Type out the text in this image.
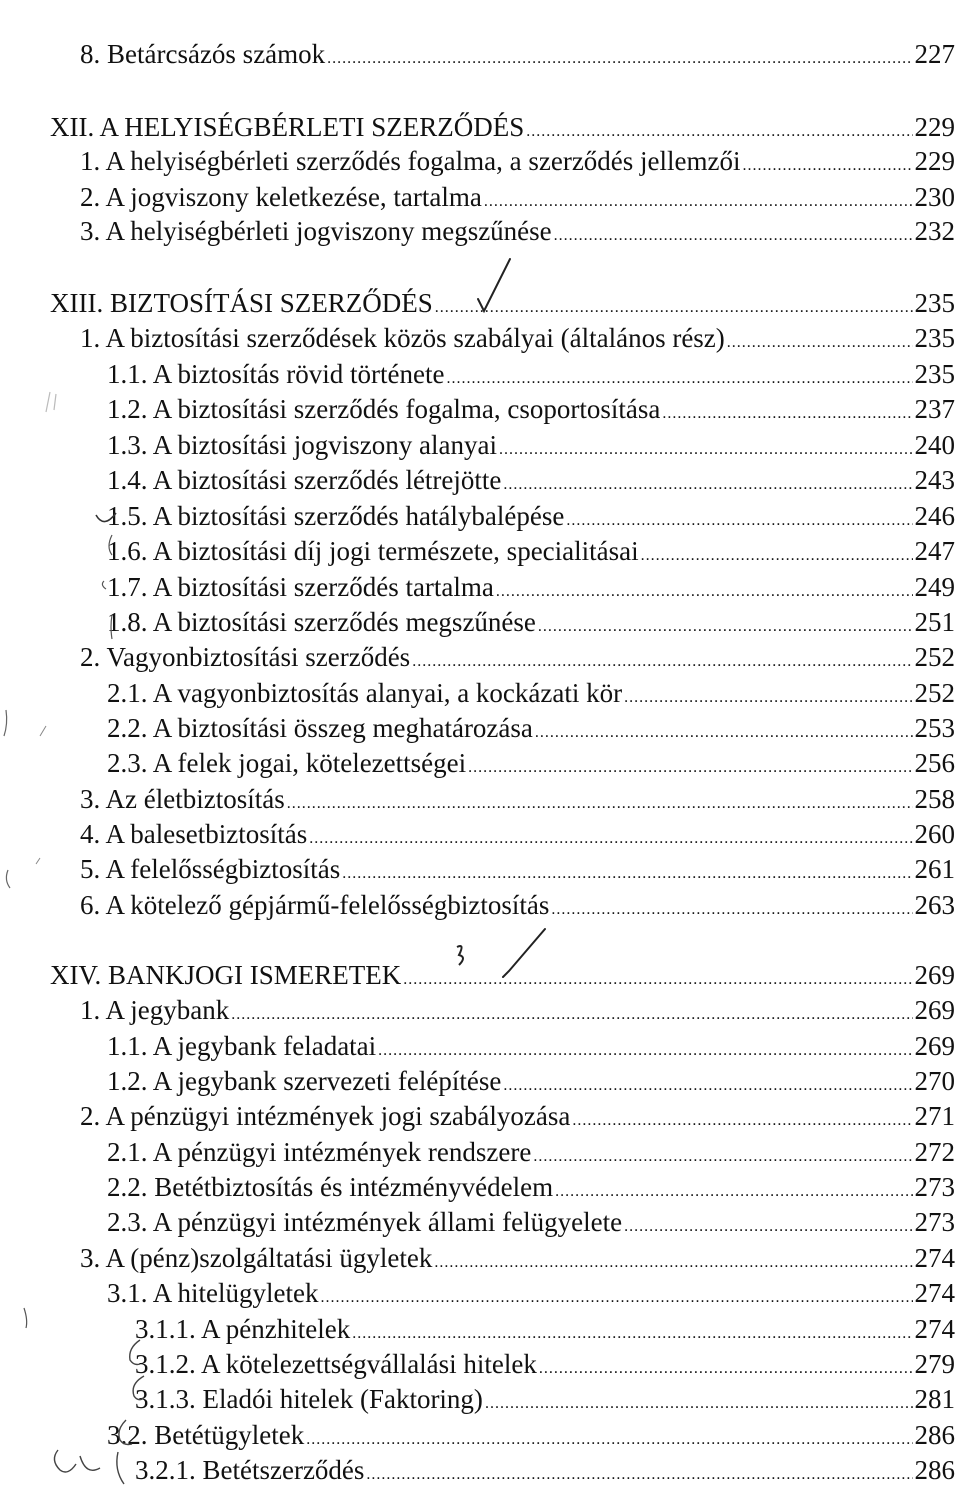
8. Betárcsázós számok .....	227
XII. A HELYISÉGBÉRLETI SZERZŐDÉS .....	229
1. A helyiségbérleti szerződés fogalma, a szerződés jellemzői .....	229
2. A jogviszony keletkezése, tartalma .....	230
3. A helyiségbérleti jogviszony megszűnése .....	232
XIII. BIZTOSÍTÁSI SZERZŐDÉS .....	235
1. A biztosítási szerződések közös szabályai (általános rész) .....	235
1.1. A biztosítás rövid története .....	235
1.2. A biztosítási szerződés fogalma, csoportosítása .....	237
1.3. A biztosítási jogviszony alanyai .....	240
1.4. A biztosítási szerződés létrejötte .....	243
1.5. A biztosítási szerződés hatálybalépése .....	246
1.6. A biztosítási díj jogi természete, specialitásai .....	247
1.7. A biztosítási szerződés tartalma .....	249
1.8. A biztosítási szerződés megszűnése .....	251
2. Vagyonbiztosítási szerződés .....	252
2.1. A vagyonbiztosítás alanyai, a kockázati kör .....	252
2.2. A biztosítási összeg meghatározása .....	253
2.3. A felek jogai, kötelezettségei .....	256
3. Az életbiztosítás .....	258
4. A balesetbiztosítás .....	260
5. A felelősségbiztosítás .....	261
6. A kötelező gépjármű-felelősségbiztosítás .....	263
XIV. BANKJOGI ISMERETEK .....	269
1. A jegybank .....	269
1.1. A jegybank feladatai .....	269
1.2. A jegybank szervezeti felépítése .....	270
2. A pénzügyi intézmények jogi szabályozása .....	271
2.1. A pénzügyi intézmények rendszere .....	272
2.2. Betétbiztosítás és intézményvédelem .....	273
2.3. A pénzügyi intézmények állami felügyelete .....	273
3. A (pénz)szolgáltatási ügyletek .....	274
3.1. A hitelügyletek .....	274
3.1.1. A pénzhitelek .....	274
3.1.2. A kötelezettségvállalási hitelek .....	279
3.1.3. Eladói hitelek (Faktoring) .....	281
3.2. Betétügyletek .....	286
3.2.1. Betétszerződés .....	286
